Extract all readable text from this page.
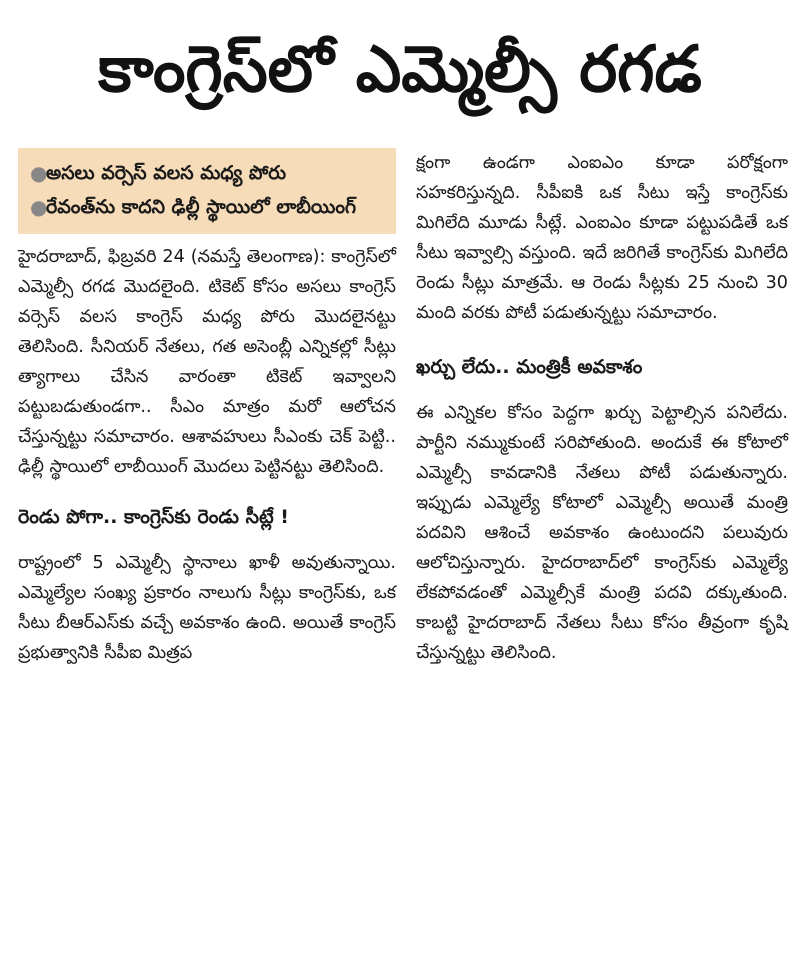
కాంగ్రెస్‌లో ఎమ్మెల్సీ రగడ
●
అసలు వర్సెస్ వలస మధ్య పోరు
●
రేవంత్‌ను కాదని ఢిల్లీ స్థాయిలో లాబీయింగ్

హైదరాబాద్, ఫిబ్రవరి 24 (నమస్తే తెలంగాణ): కాంగ్రెస్‌లో ఎమ్మెల్సీ రగడ మొదలైంది. టికెట్ కోసం అసలు కాంగ్రెస్ వర్సెస్ వలస కాంగ్రెస్ మధ్య పోరు మొదలైనట్టు తెలిసింది. సీనియర్ నేతలు, గత అసెంబ్లీ ఎన్నికల్లో సీట్లు త్యాగాలు చేసిన వారంతా టికెట్ ఇవ్వాలని పట్టుబడుతుండగా.. సీఎం మాత్రం మరో ఆలోచన చేస్తున్నట్టు సమాచారం. ఆశావహులు సీఎంకు చెక్ పెట్టి.. ఢిల్లీ స్థాయిలో లాబీయింగ్ మొదలు పెట్టినట్టు తెలిసింది.

రెండు పోగా.. కాంగ్రెస్‌కు రెండు సీట్లే !

రాష్ట్రంలో 5 ఎమ్మెల్సీ స్థానాలు ఖాళీ అవుతున్నాయి. ఎమ్మెల్యేల సంఖ్య ప్రకారం నాలుగు సీట్లు కాంగ్రెస్‌కు, ఒక సీటు బీఆర్ఎస్‌కు వచ్చే అవకాశం ఉంది. అయితే కాంగ్రెస్ ప్రభుత్వానికి సీపీఐ మిత్రప

క్షంగా ఉండగా ఎంఐఎం కూడా పరోక్షంగా సహకరిస్తున్నది. సీపీఐకి ఒక సీటు ఇస్తే కాంగ్రెస్‌కు మిగిలేది మూడు సీట్లే. ఎంఐఎం కూడా పట్టుపడితే ఒక సీటు ఇవ్వాల్సి వస్తుంది. ఇదే జరిగితే కాంగ్రెస్‌కు మిగిలేది రెండు సీట్లు మాత్రమే. ఆ రెండు సీట్లకు 25 నుంచి 30 మంది వరకు పోటీ పడుతున్నట్టు సమాచారం.

ఖర్చు లేదు.. మంత్రికీ అవకాశం

ఈ ఎన్నికల కోసం పెద్దగా ఖర్చు పెట్టాల్సిన పనిలేదు. పార్టీని నమ్ముకుంటే సరిపోతుంది. అందుకే ఈ కోటాలో ఎమ్మెల్సీ కావడానికి నేతలు పోటీ పడుతున్నారు. ఇప్పుడు ఎమ్మెల్యే కోటాలో ఎమ్మెల్సీ అయితే మంత్రి పదవిని ఆశించే అవకాశం ఉంటుందని పలువురు ఆలోచిస్తున్నారు. హైదరాబాద్‌లో కాంగ్రెస్‌కు ఎమ్మెల్యే లేకపోవడంతో ఎమ్మెల్సీకే మంత్రి పదవి దక్కుతుంది. కాబట్టి హైదరాబాద్ నేతలు సీటు కోసం తీవ్రంగా కృషి చేస్తున్నట్టు తెలిసింది.
